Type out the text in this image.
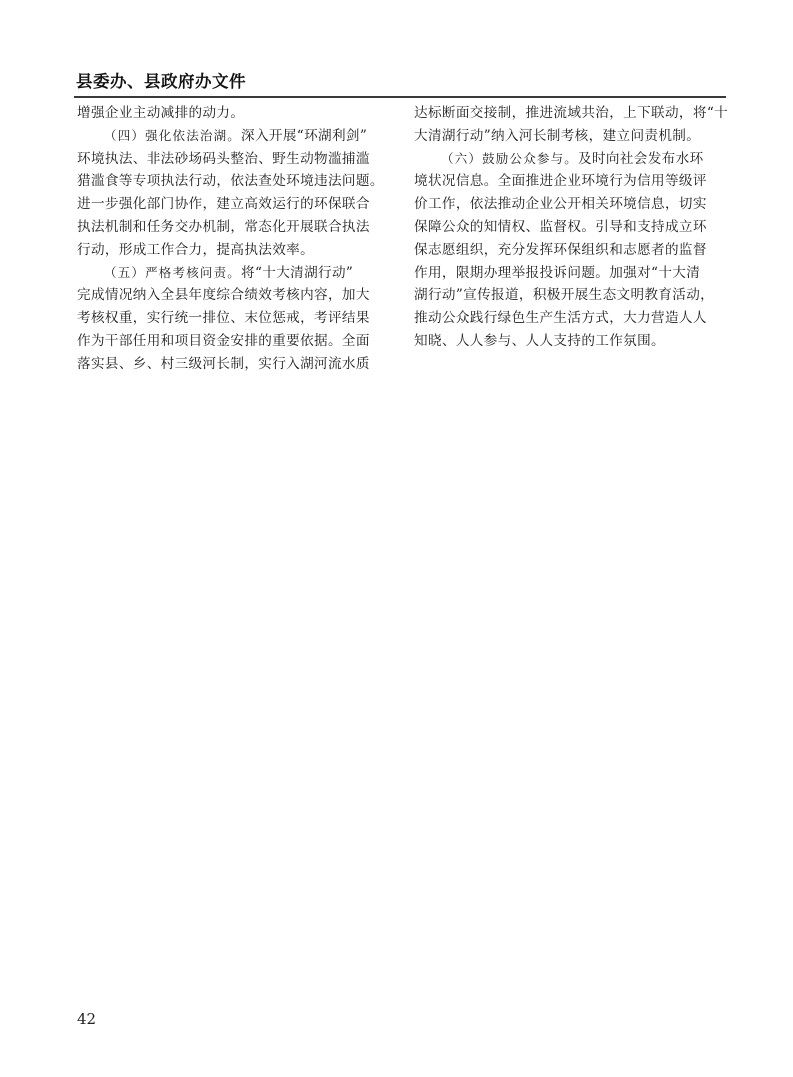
县委办、县政府办文件
增强企业主动减排的动力。
（四）强化依法治湖。深入开展“环湖利剑”
环境执法、非法砂场码头整治、野生动物滥捕滥
猎滥食等专项执法行动，依法查处环境违法问题。
进一步强化部门协作，建立高效运行的环保联合
执法机制和任务交办机制，常态化开展联合执法
行动，形成工作合力，提高执法效率。
（五）严格考核问责。将“十大清湖行动”
完成情况纳入全县年度综合绩效考核内容，加大
考核权重，实行统一排位、末位惩戒，考评结果
作为干部任用和项目资金安排的重要依据。全面
落实县、乡、村三级河长制，实行入湖河流水质
达标断面交接制，推进流域共治，上下联动，将“十
大清湖行动”纳入河长制考核，建立问责机制。
（六）鼓励公众参与。及时向社会发布水环
境状况信息。全面推进企业环境行为信用等级评
价工作，依法推动企业公开相关环境信息，切实
保障公众的知情权、监督权。引导和支持成立环
保志愿组织，充分发挥环保组织和志愿者的监督
作用，限期办理举报投诉问题。加强对“十大清
湖行动”宣传报道，积极开展生态文明教育活动，
推动公众践行绿色生产生活方式，大力营造人人
知晓、人人参与、人人支持的工作氛围。
42
